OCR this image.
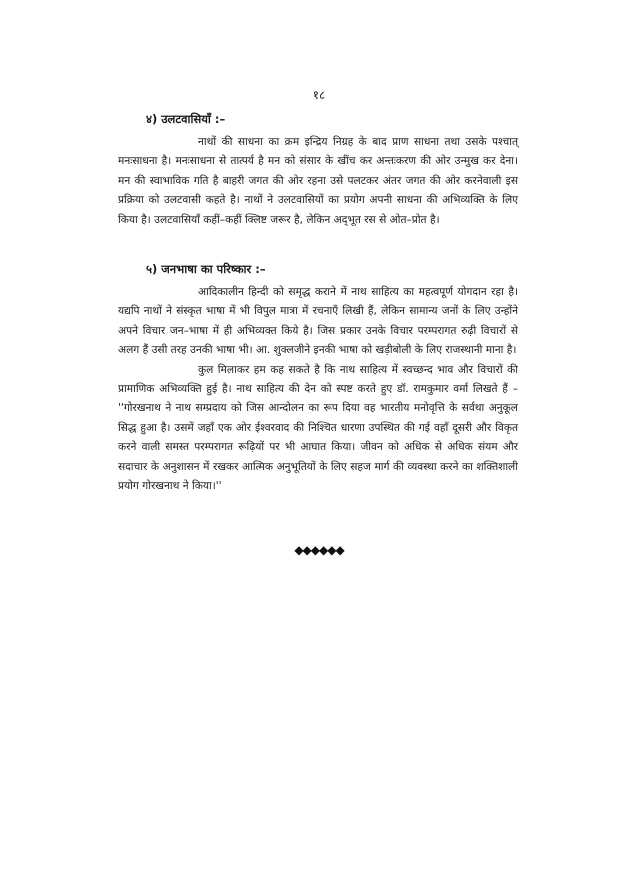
१८
४) उलटवासियाँ :–

नाथों की साधना का क्रम इन्द्रिय निग्रह के बाद प्राण साधना तथा उसके पश्चात् मनःसाधना है। मनःसाधना से तात्पर्य है मन को संसार के खींच कर अन्तःकरण की ओर उन्मुख कर देना। मन की स्वाभाविक गति है बाहरी जगत की ओर रहना उसे पलटकर अंतर जगत की ओर करनेवाली इस प्रक्रिया को उलटवासी कहते है। नाथों ने उलटवासियों का प्रयोग अपनी साधना की अभिव्यक्ति के लिए किया है। उलटवासियाँ कहीं–कहीं क्लिष्ट जरूर है, लेकिन अद्‌भूत रस से ओत–प्रोत है।

५) जनभाषा का परिष्कार :–

आदिकालीन हिन्दी को समृद्ध कराने में नाथ साहित्य का महत्वपूर्ण योगदान रहा है। यद्यपि नाथों ने संस्कृत भाषा में भी विपुल मात्रा में रचनाएँ लिखी हैं, लेकिन सामान्य जनों के लिए उन्होंने अपने विचार जन–भाषा में ही अभिव्यक्त किये है। जिस प्रकार उनके विचार परम्परागत रुढ़ी विचारों से अलग हैं उसी तरह उनकी भाषा भी। आ. शुक्लजीने इनकी भाषा को खड़ीबोली के लिए राजस्थानी माना है।

कुल मिलाकर हम कह सकते है कि नाथ साहित्य में स्वच्छन्द भाव और विचारों की प्रामाणिक अभिव्यक्ति हुई है। नाथ साहित्य की देन को स्पष्ट करते हुए डॉ. रामकुमार वर्मा लिखते हैं – ''गोरखनाथ ने नाथ सम्प्रदाय को जिस आन्दोलन का रूप दिया वह भारतीय मनोवृत्ति के सर्वथा अनुकूल सिद्ध हुआ है। उसमें जहाँ एक ओर ईश्वरवाद की निश्चित धारणा उपस्थित की गई वहाँ दूसरी और विकृत करने वाली समस्त परम्परागत रूढ़ियों पर भी आघात किया। जीवन को अधिक से अधिक संयम और सदाचार के अनुशासन में रखकर आत्मिक अनुभूतियों के लिए सहज मार्ग की व्यवस्था करने का शक्तिशाली प्रयोग गोरखनाथ ने किया।''

◆◆◆◆◆◆
